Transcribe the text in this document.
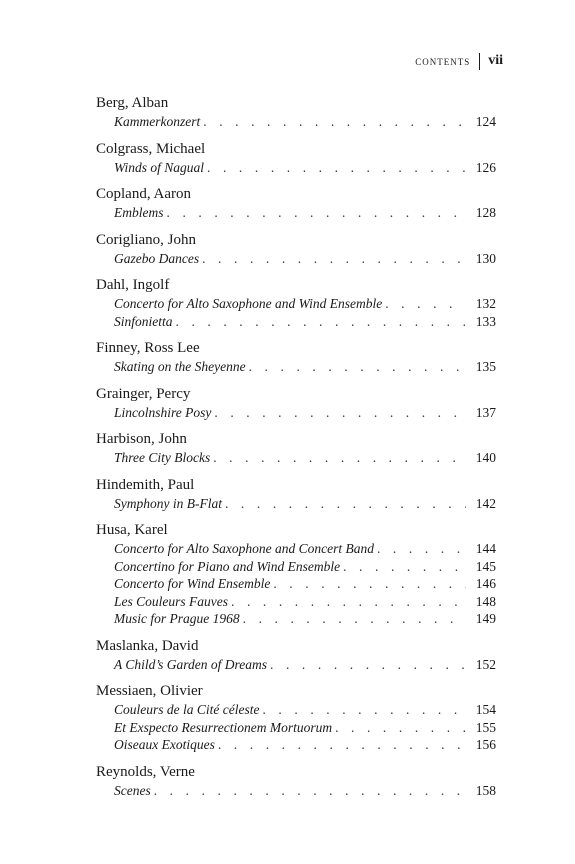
contents vii
Berg, Alban
Kammerkonzert . . .	124
Colgrass, Michael
Winds of Nagual . . .	126
Copland, Aaron
Emblems . . .	128
Corigliano, John
Gazebo Dances . . .	130
Dahl, Ingolf
Concerto for Alto Saxophone and Wind Ensemble . . .	132
Sinfonietta . . .	133
Finney, Ross Lee
Skating on the Sheyenne . . .	135
Grainger, Percy
Lincolnshire Posy . . .	137
Harbison, John
Three City Blocks . . .	140
Hindemith, Paul
Symphony in B-Flat . . .	142
Husa, Karel
Concerto for Alto Saxophone and Concert Band . . .	144
Concertino for Piano and Wind Ensemble . . .	145
Concerto for Wind Ensemble . . .	146
Les Couleurs Fauves . . .	148
Music for Prague 1968 . . .	149
Maslanka, David
A Child’s Garden of Dreams . . .	152
Messiaen, Olivier
Couleurs de la Cité céleste . . .	154
Et Exspecto Resurrectionem Mortuorum . . .	155
Oiseaux Exotiques . . .	156
Reynolds, Verne
Scenes . . .	158
